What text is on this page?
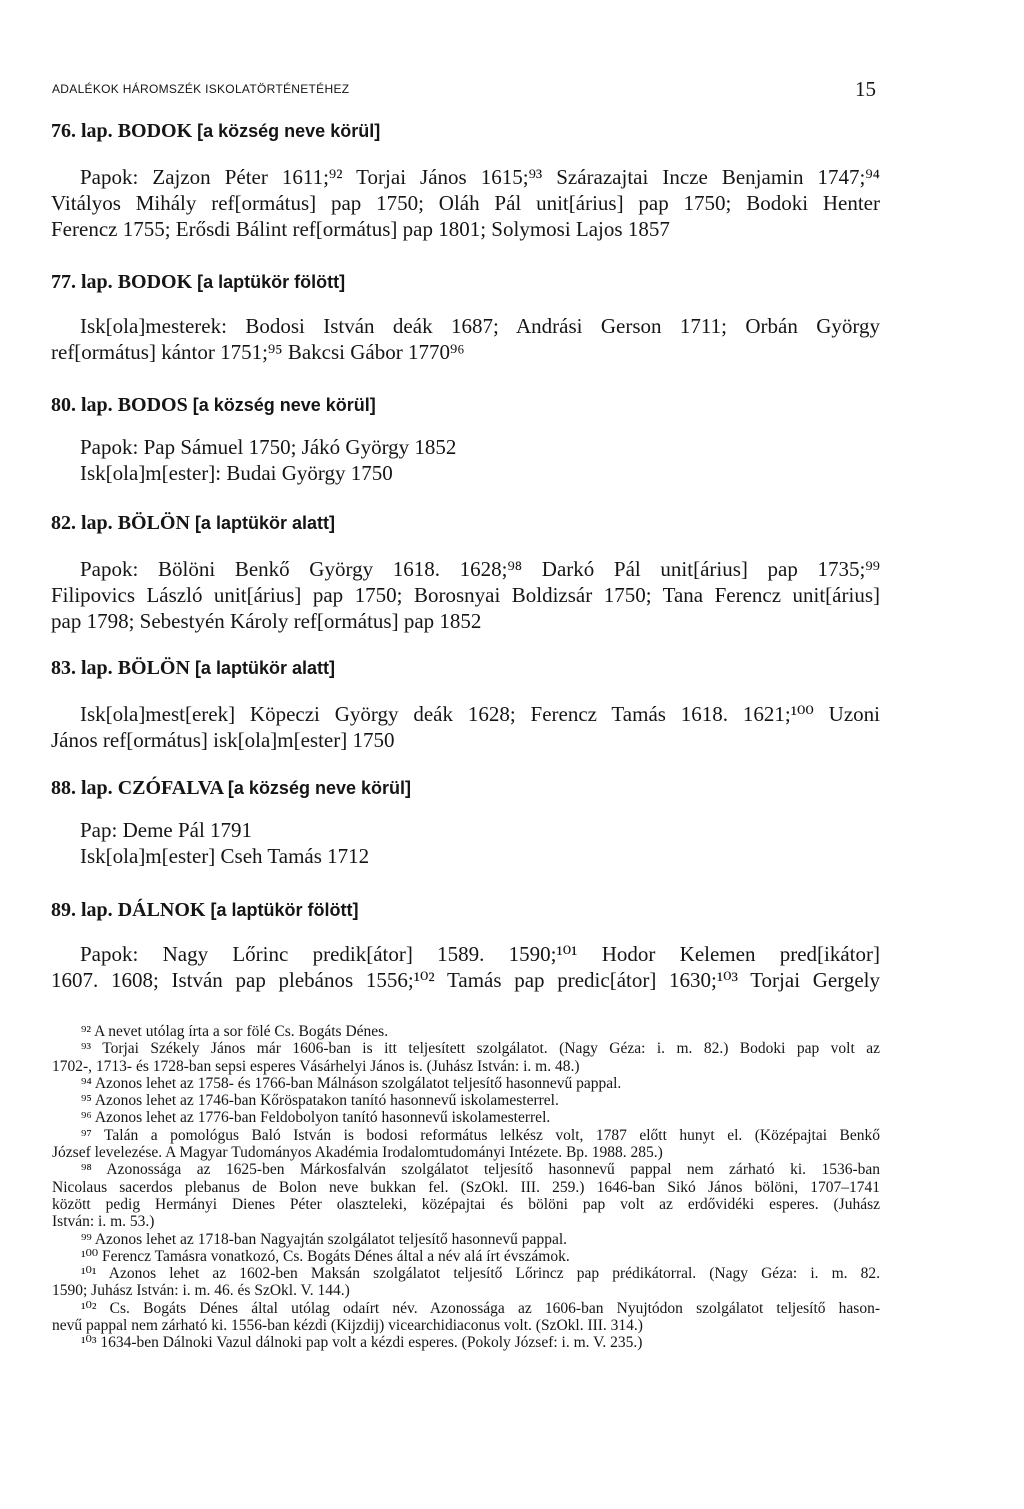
ADALÉKOK HÁROMSZÉK ISKOLATÖRTÉNETÉHEZ	15
76. lap. BODOK [a község neve körül]
Papok: Zajzon Péter 1611;⁹² Torjai János 1615;⁹³ Szárazajtai Incze Benjamin 1747;⁹⁴
Vitályos Mihály ref[ormátus] pap 1750; Oláh Pál unit[árius] pap 1750; Bodoki Henter
Ferencz 1755; Erősdi Bálint ref[ormátus] pap 1801; Solymosi Lajos 1857
77. lap. BODOK [a laptükör fölött]
Isk[ola]mesterek: Bodosi István deák 1687; Andrási Gerson 1711; Orbán György
ref[ormátus] kántor 1751;⁹⁵ Bakcsi Gábor 1770⁹⁶
80. lap. BODOS [a község neve körül]
Papok: Pap Sámuel 1750; Jákó György 1852
Isk[ola]m[ester]: Budai György 1750
82. lap. BÖLÖN [a laptükör alatt]
Papok: Bölöni Benkő György 1618. 1628;⁹⁸ Darkó Pál unit[árius] pap 1735;⁹⁹
Filipovics László unit[árius] pap 1750; Borosnyai Boldizsár 1750; Tana Ferencz unit[árius]
pap 1798; Sebestyén Károly ref[ormátus] pap 1852
83. lap. BÖLÖN [a laptükör alatt]
Isk[ola]mest[erek] Köpeczi György deák 1628; Ferencz Tamás 1618. 1621;¹⁰⁰ Uzoni
János ref[ormátus] isk[ola]m[ester] 1750
88. lap. CZÓFALVA [a község neve körül]
Pap: Deme Pál 1791
Isk[ola]m[ester] Cseh Tamás 1712
89. lap. DÁLNOK [a laptükör fölött]
Papok: Nagy Lőrinc predik[átor] 1589. 1590;¹⁰¹ Hodor Kelemen pred[ikátor]
1607. 1608; István pap plebános 1556;¹⁰² Tamás pap predic[átor] 1630;¹⁰³ Torjai Gergely
⁹² A nevet utólag írta a sor fölé Cs. Bogáts Dénes.
⁹³ Torjai Székely János már 1606-ban is itt teljesített szolgálatot. (Nagy Géza: i. m. 82.) Bodoki pap volt az
1702-, 1713- és 1728-ban sepsi esperes Vásárhelyi János is. (Juhász István: i. m. 48.)
⁹⁴ Azonos lehet az 1758- és 1766-ban Málnáson szolgálatot teljesítő hasonnevű pappal.
⁹⁵ Azonos lehet az 1746-ban Kőröspatakon tanító hasonnevű iskolamesterrel.
⁹⁶ Azonos lehet az 1776-ban Feldobolyon tanító hasonnevű iskolamesterrel.
⁹⁷ Talán a pomológus Baló István is bodosi református lelkész volt, 1787 előtt hunyt el. (Középajtai Benkő
József levelezése. A Magyar Tudományos Akadémia Irodalomtudományi Intézete. Bp. 1988. 285.)
⁹⁸ Azonossága az 1625-ben Márkosfalván szolgálatot teljesítő hasonnevű pappal nem zárható ki. 1536-ban
Nicolaus sacerdos plebanus de Bolon neve bukkan fel. (SzOkl. III. 259.) 1646-ban Sikó János bölöni, 1707–1741
között pedig Hermányi Dienes Péter olaszteleki, középajtai és bölöni pap volt az erdővidéki esperes. (Juhász
István: i. m. 53.)
⁹⁹ Azonos lehet az 1718-ban Nagyajtán szolgálatot teljesítő hasonnevű pappal.
¹⁰⁰ Ferencz Tamásra vonatkozó, Cs. Bogáts Dénes által a név alá írt évszámok.
¹⁰¹ Azonos lehet az 1602-ben Maksán szolgálatot teljesítő Lőrincz pap prédikátorral. (Nagy Géza: i. m. 82.
1590; Juhász István: i. m. 46. és SzOkl. V. 144.)
¹⁰² Cs. Bogáts Dénes által utólag odaírt név. Azonossága az 1606-ban Nyujtódon szolgálatot teljesítő hason-
nevű pappal nem zárható ki. 1556-ban kézdi (Kijzdij) vicearchidiaconus volt. (SzOkl. III. 314.)
¹⁰³ 1634-ben Dálnoki Vazul dálnoki pap volt a kézdi esperes. (Pokoly József: i. m. V. 235.)
